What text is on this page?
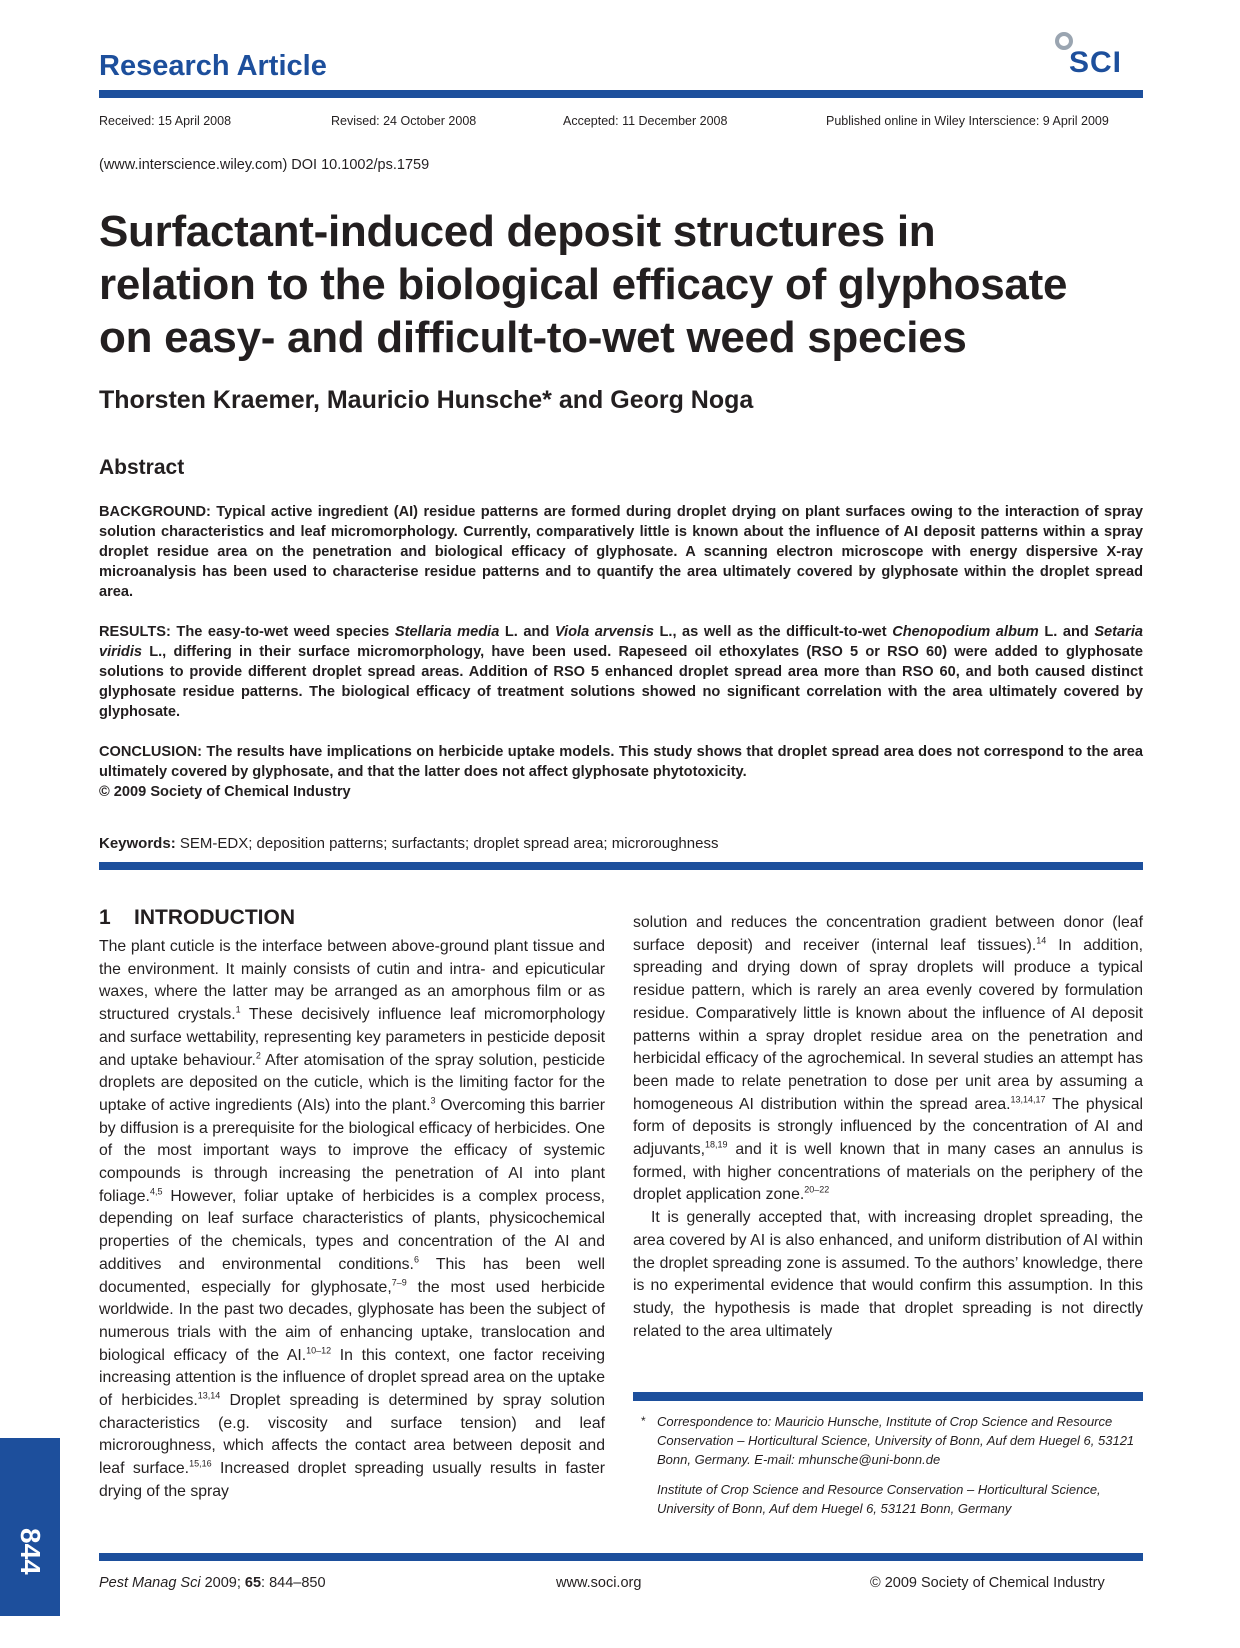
Research Article	SCI
Received: 15 April 2008	Revised: 24 October 2008	Accepted: 11 December 2008	Published online in Wiley Interscience: 9 April 2009
(www.interscience.wiley.com) DOI 10.1002/ps.1759
Surfactant-induced deposit structures in
relation to the biological efficacy of glyphosate
on easy- and difficult-to-wet weed species
Thorsten Kraemer, Mauricio Hunsche* and Georg Noga
Abstract
BACKGROUND: Typical active ingredient (AI) residue patterns are formed during droplet drying on plant surfaces owing to the interaction of spray solution characteristics and leaf micromorphology. Currently, comparatively little is known about the influence of AI deposit patterns within a spray droplet residue area on the penetration and biological efficacy of glyphosate. A scanning electron microscope with energy dispersive X-ray microanalysis has been used to characterise residue patterns and to quantify the area ultimately covered by glyphosate within the droplet spread area.
RESULTS: The easy-to-wet weed species Stellaria media L. and Viola arvensis L., as well as the difficult-to-wet Chenopodium album L. and Setaria viridis L., differing in their surface micromorphology, have been used. Rapeseed oil ethoxylates (RSO 5 or RSO 60) were added to glyphosate solutions to provide different droplet spread areas. Addition of RSO 5 enhanced droplet spread area more than RSO 60, and both caused distinct glyphosate residue patterns. The biological efficacy of treatment solutions showed no significant correlation with the area ultimately covered by glyphosate.
CONCLUSION: The results have implications on herbicide uptake models. This study shows that droplet spread area does not correspond to the area ultimately covered by glyphosate, and that the latter does not affect glyphosate phytotoxicity.
© 2009 Society of Chemical Industry
Keywords: SEM-EDX; deposition patterns; surfactants; droplet spread area; microroughness
1    INTRODUCTION
The plant cuticle is the interface between above-ground plant tissue and the environment. It mainly consists of cutin and intra- and epicuticular waxes, where the latter may be arranged as an amorphous film or as structured crystals.$^1$ These decisively influence leaf micromorphology and surface wettability, representing key parameters in pesticide deposit and uptake behaviour.$^2$ After atomisation of the spray solution, pesticide droplets are deposited on the cuticle, which is the limiting factor for the uptake of active ingredients (AIs) into the plant.$^3$ Overcoming this barrier by diffusion is a prerequisite for the biological efficacy of herbicides. One of the most important ways to improve the efficacy of systemic compounds is through increasing the penetration of AI into plant foliage.$^{4,5}$ However, foliar uptake of herbicides is a complex process, depending on leaf surface characteristics of plants, physicochemical properties of the chemicals, types and concentration of the AI and additives and environmental conditions.$^6$ This has been well documented, especially for glyphosate,$^{7-9}$ the most used herbicide worldwide. In the past two decades, glyphosate has been the subject of numerous trials with the aim of enhancing uptake, translocation and biological efficacy of the AI.$^{10-12}$ In this context, one factor receiving increasing attention is the influence of droplet spread area on the uptake of herbicides.$^{13,14}$ Droplet spreading is determined by spray solution characteristics (e.g. viscosity and surface tension) and leaf microroughness, which affects the contact area between deposit and leaf surface.$^{15,16}$ Increased droplet spreading usually results in faster drying of the spray
solution and reduces the concentration gradient between donor (leaf surface deposit) and receiver (internal leaf tissues).$^{14}$ In addition, spreading and drying down of spray droplets will produce a typical residue pattern, which is rarely an area evenly covered by formulation residue. Comparatively little is known about the influence of AI deposit patterns within a spray droplet residue area on the penetration and herbicidal efficacy of the agrochemical. In several studies an attempt has been made to relate penetration to dose per unit area by assuming a homogeneous AI distribution within the spread area.$^{13,14,17}$ The physical form of deposits is strongly influenced by the concentration of AI and adjuvants,$^{18,19}$ and it is well known that in many cases an annulus is formed, with higher concentrations of materials on the periphery of the droplet application zone.$^{20-22}$
It is generally accepted that, with increasing droplet spreading, the area covered by AI is also enhanced, and uniform distribution of AI within the droplet spreading zone is assumed. To the authors’ knowledge, there is no experimental evidence that would confirm this assumption. In this study, the hypothesis is made that droplet spreading is not directly related to the area ultimately
* Correspondence to: Mauricio Hunsche, Institute of Crop Science and Resource Conservation – Horticultural Science, University of Bonn, Auf dem Huegel 6, 53121 Bonn, Germany. E-mail: mhunsche@uni-bonn.de
Institute of Crop Science and Resource Conservation – Horticultural Science, University of Bonn, Auf dem Huegel 6, 53121 Bonn, Germany
844
Pest Manag Sci 2009; 65: 844–850	www.soci.org	© 2009 Society of Chemical Industry
